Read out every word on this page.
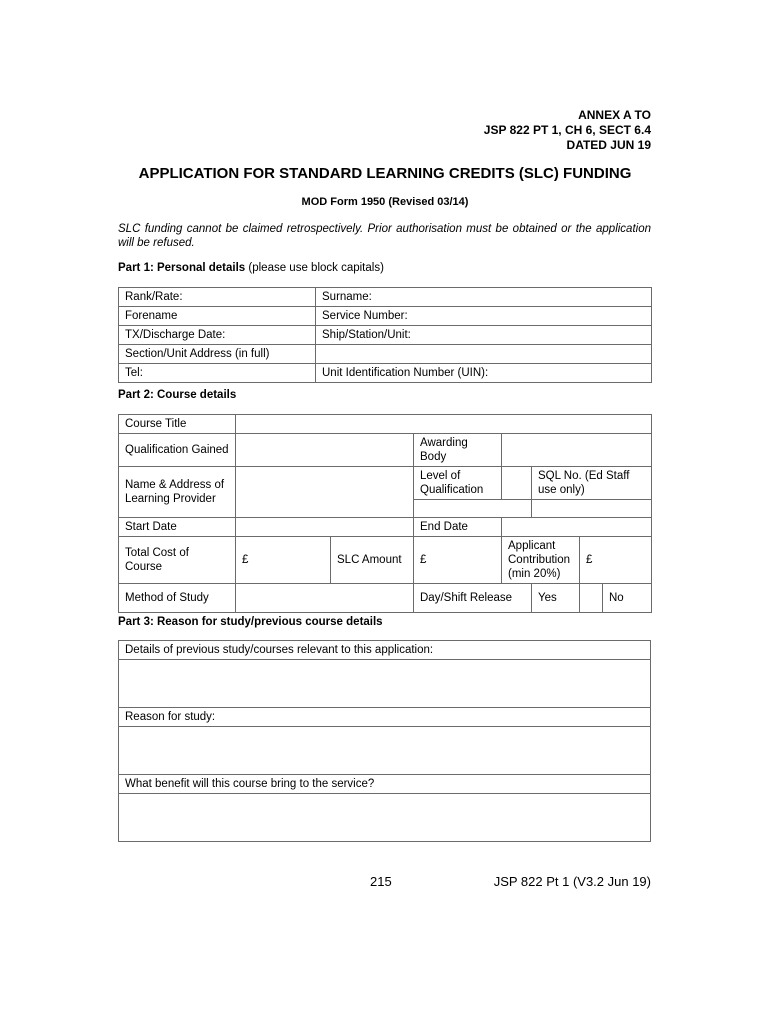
ANNEX A TO
JSP 822 PT 1, CH 6, SECT 6.4
DATED JUN 19
APPLICATION FOR STANDARD LEARNING CREDITS (SLC) FUNDING
MOD Form 1950 (Revised 03/14)
SLC funding cannot be claimed retrospectively. Prior authorisation must be obtained or the application will be refused.
Part 1: Personal details (please use block capitals)
Rank/Rate:	Surname:
Forename	Service Number:
TX/Discharge Date:	Ship/Station/Unit:
Section/Unit Address (in full)	
Tel:	Unit Identification Number (UIN):
Part 2: Course details
Course Title							
Qualification Gained			Awarding Body				
Name & Address of Learning Provider			Level of Qualification		SQL No. (Ed Staff use only)		

Start Date			End Date				
Total Cost of Course	£	SLC Amount	£	Applicant Contribution (min 20%)		£	
Method of Study			Day/Shift Release		Yes		No
Part 3: Reason for study/previous course details
Details of previous study/courses relevant to this application:

Reason for study:

What benefit will this course bring to the service?

215	JSP 822 Pt 1 (V3.2 Jun 19)
